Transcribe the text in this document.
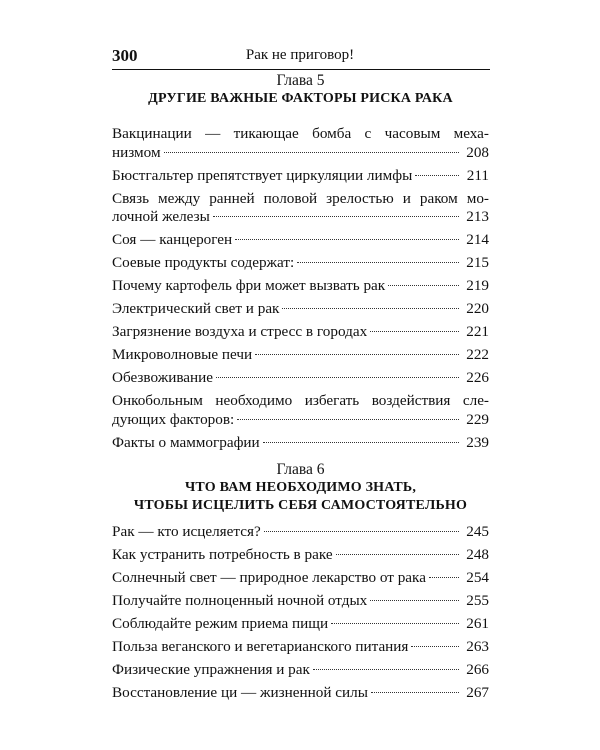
300	Рак не приговор!
Глава 5
ДРУГИЕ ВАЖНЫЕ ФАКТОРЫ РИСКА РАКА
Вакцинации — тикающае бомба с часовым меха-
низмом	208
Бюстгальтер препятствует циркуляции лимфы	211
Связь между ранней половой зрелостью и раком мо-
лочной железы	213
Соя — канцероген	214
Соевые продукты содержат:	215
Почему картофель фри может вызвать рак	219
Электрический свет и рак	220
Загрязнение воздуха и стресс в городах	221
Микроволновые печи	222
Обезвоживание	226
Онкобольным необходимо избегать воздействия сле-
дующих факторов:	229
Факты о маммографии	239
Глава 6
ЧТО ВАМ НЕОБХОДИМО ЗНАТЬ,
ЧТОБЫ ИСЦЕЛИТЬ СЕБЯ САМОСТОЯТЕЛЬНО
Рак — кто исцеляется?	245
Как устранить потребность в раке	248
Солнечный свет — природное лекарство от рака	254
Получайте полноценный ночной отдых	255
Соблюдайте режим приема пищи	261
Польза веганского и вегетарианского питания	263
Физические упражнения и рак	266
Восстановление ци — жизненной силы	267
